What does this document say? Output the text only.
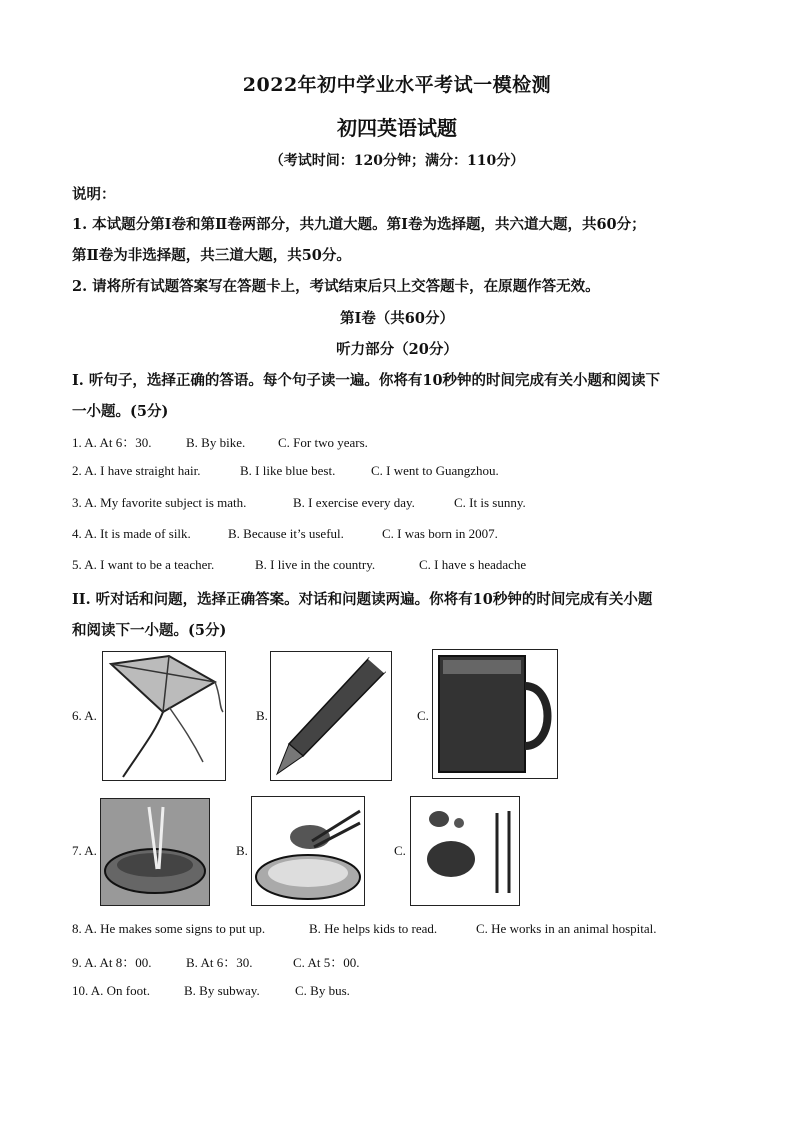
2022年初中学业水平考试一模检测
初四英语试题
（考试时间：120分钟；满分：110分）
说明：
1. 本试题分第Ⅰ卷和第Ⅱ卷两部分，共九道大题。第Ⅰ卷为选择题，共六道大题，共60分；
第Ⅱ卷为非选择题，共三道大题，共50分。
2. 请将所有试题答案写在答题卡上，考试结束后只上交答题卡，在原题作答无效。
第Ⅰ卷（共60分）
听力部分（20分）
I. 听句子，选择正确的答语。每个句子读一遍。你将有10秒钟的时间完成有关小题和阅读下
一小题。(5分)
1. A. At 6：30.	B. By bike.	C. For two years.
2. A. I have straight hair.	B. I like blue best.	C. I went to Guangzhou.
3. A. My favorite subject is math.	B. I exercise every day.	C. It is sunny.
4. A. It is made of silk.	B. Because it’s useful.	C. I was born in 2007.
5. A. I want to be a teacher.	B. I live in the country.	C. I have s headache
II. 听对话和问题，选择正确答案。对话和问题读两遍。你将有10秒钟的时间完成有关小题
和阅读下一小题。(5分)
6. A.	B.	C.
7. A.	B.	C.
8. A. He makes some signs to put up.	B. He helps kids to read.	C. He works in an animal hospital.
9. A. At 8：00.	B. At 6：30.	C. At 5：00.
10. A. On foot.	B. By subway.	C. By bus.
